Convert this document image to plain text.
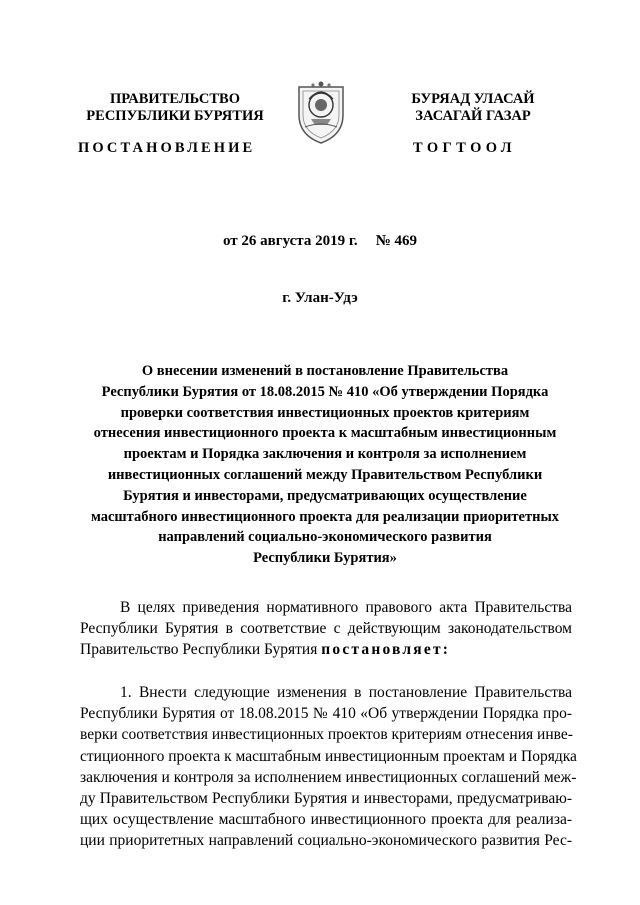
ПРАВИТЕЛЬСТВО
РЕСПУБЛИКИ БУРЯТИЯ
БУРЯАД УЛАСАЙ
ЗАСАГАЙ ГАЗАР
ПОСТАНОВЛЕНИЕ	ТОГТООЛ
от 26 августа 2019 г. № 469
г. Улан-Удэ
О внесении изменений в постановление Правительства
Республики Бурятия от 18.08.2015 № 410 «Об утверждении Порядка
проверки соответствия инвестиционных проектов критериям
отнесения инвестиционного проекта к масштабным инвестиционным
проектам и Порядка заключения и контроля за исполнением
инвестиционных соглашений между Правительством Республики
Бурятия и инвесторами, предусматривающих осуществление
масштабного инвестиционного проекта для реализации приоритетных
направлений социально-экономического развития
Республики Бурятия»
В целях приведения нормативного правового акта Правительства
Республики Бурятия в соответствие с действующим законодательством
Правительство Республики Бурятия постановляет:
1. Внести следующие изменения в постановление Правительства
Республики Бурятия от 18.08.2015 № 410 «Об утверждении Порядка про-
верки соответствия инвестиционных проектов критериям отнесения инве-
стиционного проекта к масштабным инвестиционным проектам и Порядка
заключения и контроля за исполнением инвестиционных соглашений меж-
ду Правительством Республики Бурятия и инвесторами, предусматриваю-
щих осуществление масштабного инвестиционного проекта для реализа-
ции приоритетных направлений социально-экономического развития Рес-
